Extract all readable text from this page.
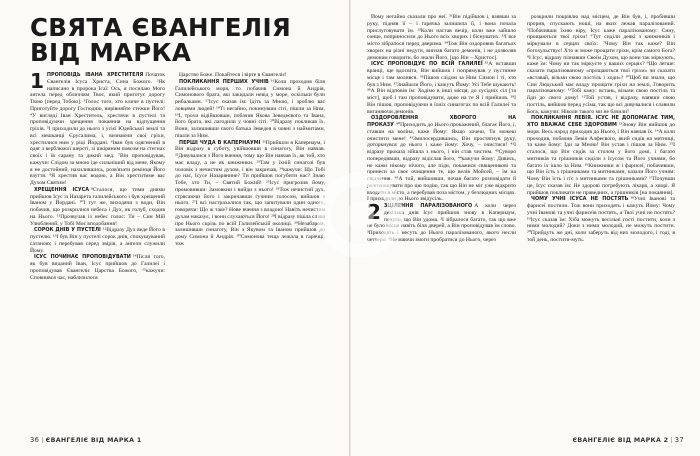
СВЯТА ЄВАНГЕЛІЯ
ВІД МАРКА

1 ПРОПОВІДЬ ІВАНА ХРЕСТИТЕЛЯ Початок Євангелія Ісуса Христа, Сина Божого. ²Як написано в пророка Ісаї: Ось, я посилаю Мого ангела перед обличчям Твоє, який приготує дорогу Твою [перед Тобою]. ³Голос того, хто кличе в пустелі: Приготуйте дорогу Господню, вирівняйте стежки Його! ⁴У вигляді Іван Хреститель, хрестячи в пустелі та проповідуючи хрещення покаяння на відпущення гріхів. ⁵І приходили до нього з усієї Юдейської землі та всі мешканці Єрусалима, і, визнаючи свої гріхи, хрестилися ним у ріці Йордані. ⁶Іван був одягнений в одяг з верблюжої шерсті, зі шкіряним поясом на стегнах своїх і їв сарану та дикий мед. ⁷Він проповідував, кажучи: Слідом за мною іде сильніший від мене, Якому я не достойний, нахилившись, розв'язати ремінця Його взуття. ⁸Я хрестив вас водою, а Він хреститиме вас Духом Святим!

ХРЕЩЕННЯ ІСУСА ⁹Сталося, що тими днями прийшов Ісус із Назарета галилейського і був хрещений Іваном у Йордані. ¹⁰І тут же, виходячи з води, Він побачив, що розкрилися небеса і Дух, як голуб, сходив на Нього. ¹¹Прозвучав із небес голос: Ти – Син Мій Улюблений, у Тобі Моє вподобання!

СОРОК ДНІВ У ПУСТЕЛІ ¹²Відразу Дух веде Його в пустелю. ¹³І був Він у пустелі сорок днів, спокушуваний сатаною; і перебував серед звірів, а ангели служили Йому.

ІСУС ПОЧИНАЄ ПРОПОВІДУВАТИ ¹⁴Після того, як був виданий Іван, Ісус прийшов до Галилеї і проповідував Євангеліє Царства Божого, ¹⁵кажучи: Сповнився час, наблизилося

Царство Боже. Покайтеся і вірте в Євангеліє!

ПОКЛИКАННЯ ПЕРШИХ УЧНІВ ¹⁶Коли проходив біля Галилейського моря, то побачив Симона й Андрія, Симонового брата, які закидали невід у море, оскільки були рибалками. ¹⁷Ісус сказав їм: Ідіть за Мною, і зроблю вас ловцями людей! ¹⁸Ті негайно, покинувши сіті, пішли за Ним. ¹⁹І, трохи відійшовши, побачив Якова Зеведеєвого та Івана, його брата, які лагодили у човні сіті. ²⁰Відразу покликав їх. Вони, залишивши свого батька Зеведея в човні з наймитами, пішли за Ним.

ПЕРШІ ЧУДА В КАПЕРНАУМІ ²¹Прийшли в Капернаум, і Він відразу в суботу, увійшовши в синагогу, Він навчав. ²²Дивувалися з Його вчення, тому що Він навчав їх, як той, хто має владу, а не як книжники. ²³Там у їхній синагозі був чоловік з нечистим духом, і він закричав, ²⁴кажучи: Що Тобі до нас, Ісусе Назарянине? Ти прийшов погубити нас? Знаю Тебе, хто Ти, – Святий Божий! ²⁵Ісус пригрозив йому, промовивши: Замовкни і вийди з нього! ²⁶Тож нечистий дух, стрясаючи його і закричавши гучним голосом, вийшов з нього. ²⁷І всі настрахалися так, що запитували один одного, говорячи: Що ж таке? Нове вчення з владою! Навіть нечистим духам наказує, і вони слухаються Його! ²⁸І відразу пішла слава про Нього скрізь по всій Галилейській околиці. ²⁹Незабаром, залишивши синагогу, Він з Якувом та Іваном прийшов до дому Симона й Андрія. ³⁰Симонова теща лежала в гарячці; тож

36 | ЄВАНГЕЛІЄ ВІД МАРКА 1

Йому негайно сказали про неї. ³¹Він підійшов і, взявши за руку, підняв її – і гарячка залишила її, і вона почала прислуговувати їм. ³²Коли настав вечір, коли вже зайшло сонце, поприносили до Нього всіх хворих і біснуватих. ³³І все місто зібралося перед дверима. ³⁴Тож Він оздоровив багатьох хворих на різні недуги, вигнав багато демонів, і не дозволяв демонам говорити, бо знали Його, [що Він – Христос].

ІСУС ПРОПОВІДУЄ ПО ВСІЙ ГАЛИЛЕЇ ³⁵А вставши вранці, ще вдосвіта, Він вийшов і попрямував у пустинне місце і там молився. ³⁶Пішов слідом за Ним Симон і ті, хто був з Ним. ³⁷Знайшли Його, і кажуть Йому: Усі Тебе шукають! ³⁸А Він відповів їм: Ходімо в інші місця, до сусідніх сіл [та міст], щоб і там проповідувати, адже на те Я і прийшов. ³⁹І Він пішов, проповідуючи в їхніх синагогах по всій Галилеї та виганяючи демонів.

ОЗДОРОВЛЕННЯ ХВОРОГО НА ПРОКАЗУ ⁴⁰Приходить до Нього прокажений, благає Його, і, ставши на коліна, каже Йому: Якщо хочеш, Ти можеш очистити мене! ⁴¹Змилосердившись, Він простягнув руку, доторкнувся до нього і каже йому: Хочу, – очистися! ⁴²І відразу проказа зійшла з нього, і він став чистим. ⁴³Суворо попередивши, відразу відіслав його, ⁴⁴кажучи йому: Дивись, не кажи нікому нічого, але піди, покажися священикові та принеси за своє очищення те, що велів Мойсей, – їм на свідчення. ⁴⁵А той, вийшовши, почав багато розповідати й розголошувати про цю подію, так що Він не міг уже відкрито входити в місто, а перебував поза містом, у безлюдних місцях. І приходили до Нього звідусіль.

2 ЗЦІЛЕННЯ ПАРАЛІЗОВАНОГО А коли через декілька днів Ісус прийшов знову в Капернаум, почули, що Він удома. ²І зібралося багато, так що вже не було місця навіть біля дверей, а Він проповідував їм слово. ³Приходять і несуть до Нього паралізованого, якого несли четверо. ⁴Не маючи змоги пробратися до Нього, через

розкрили покрівлю над місцем, де Він був, і, пробивши прорив, спускають ноші, на яких лежав паралізований. ⁵Побачивши їхню віру, Ісус каже паралізованому: Сину, прощаються твої гріхи! ⁶Тут сиділи деякі з книжників і міркували в серцях своїх: ⁷Чому Він так каже? Він богохульствує! Хто ж може прощати гріхи, крім самого Бога? ⁸І Ісус, відразу пізнавши Своїм Духом, що вони так міркують, каже їм: Чому ви так міркуєте у ваших серцях? ⁹Що легше: сказати паралізованому «прощаються твої гріхи» чи сказати «вставай, візьми свою постіль і ходи»? ¹⁰Щоб ви знали, що Син Людський має владу прощати гріхи на землі, Говорить паралізованому: ¹¹Тобі кажу: встань, візьми свою постіль та йди до свого дому! ¹²Той устав, і відразу, взявши свою постіль, вийшов перед усіма, так що всі дивувалися і славили Бога, кажучи: Ніколи такого ми не бачили!

ПОКЛИКАННЯ ЛЕВІЯ. ІСУС НЕ ДОПОМАГАЄ ТИМ, ХТО ВВАЖАЄ СЕБЕ ЗДОРОВИМ ¹³Знову Він вийшов до моря. Весь народ приходив до Нього, і Він навчав їх. ¹⁴А коли проходив, побачив Левія Алфеєвого, який сидів на митниці, та каже йому: Іди за Мною! Він устав і пішов за Ним. ¹⁵І сталося, що Він сидів за столом у його домі, і багато митників та грішників сиділи з Ісусом та Його учнями, бо багато їх ішло за Ним. ¹⁶Книжники ж і фарисеї, побачивши, що Він їсть з грішниками та митниками, казали Його учням: Чому Він їсть і п'є з митниками та грішниками? ¹⁷Почувши це, Ісус сказав їм: Не здорові потребують лікаря, а хворі. Я прийшов покликати не праведних, а грішників [на покаяння].

ЧОМУ УЧНІ ІСУСА НЕ ПОСТЯТЬ ¹⁸Учні Іванові та фарисеї постили. Тож вони приходять і кажуть Йому: Чому учні Іванові та учні фарисеїв постять, а Твої учні не постять? ¹⁹Ісус сказав їм: Хіба можуть весільні гості постити, коли з ними молодий? Доки з ними молодий, не можуть постити. ²⁰Прийдуть же дні, коли заберуть від них молодого, і тоді, в той день, постити-муть.

ЄВАНГЕЛІЄ ВІД МАРКА 2 | 37
